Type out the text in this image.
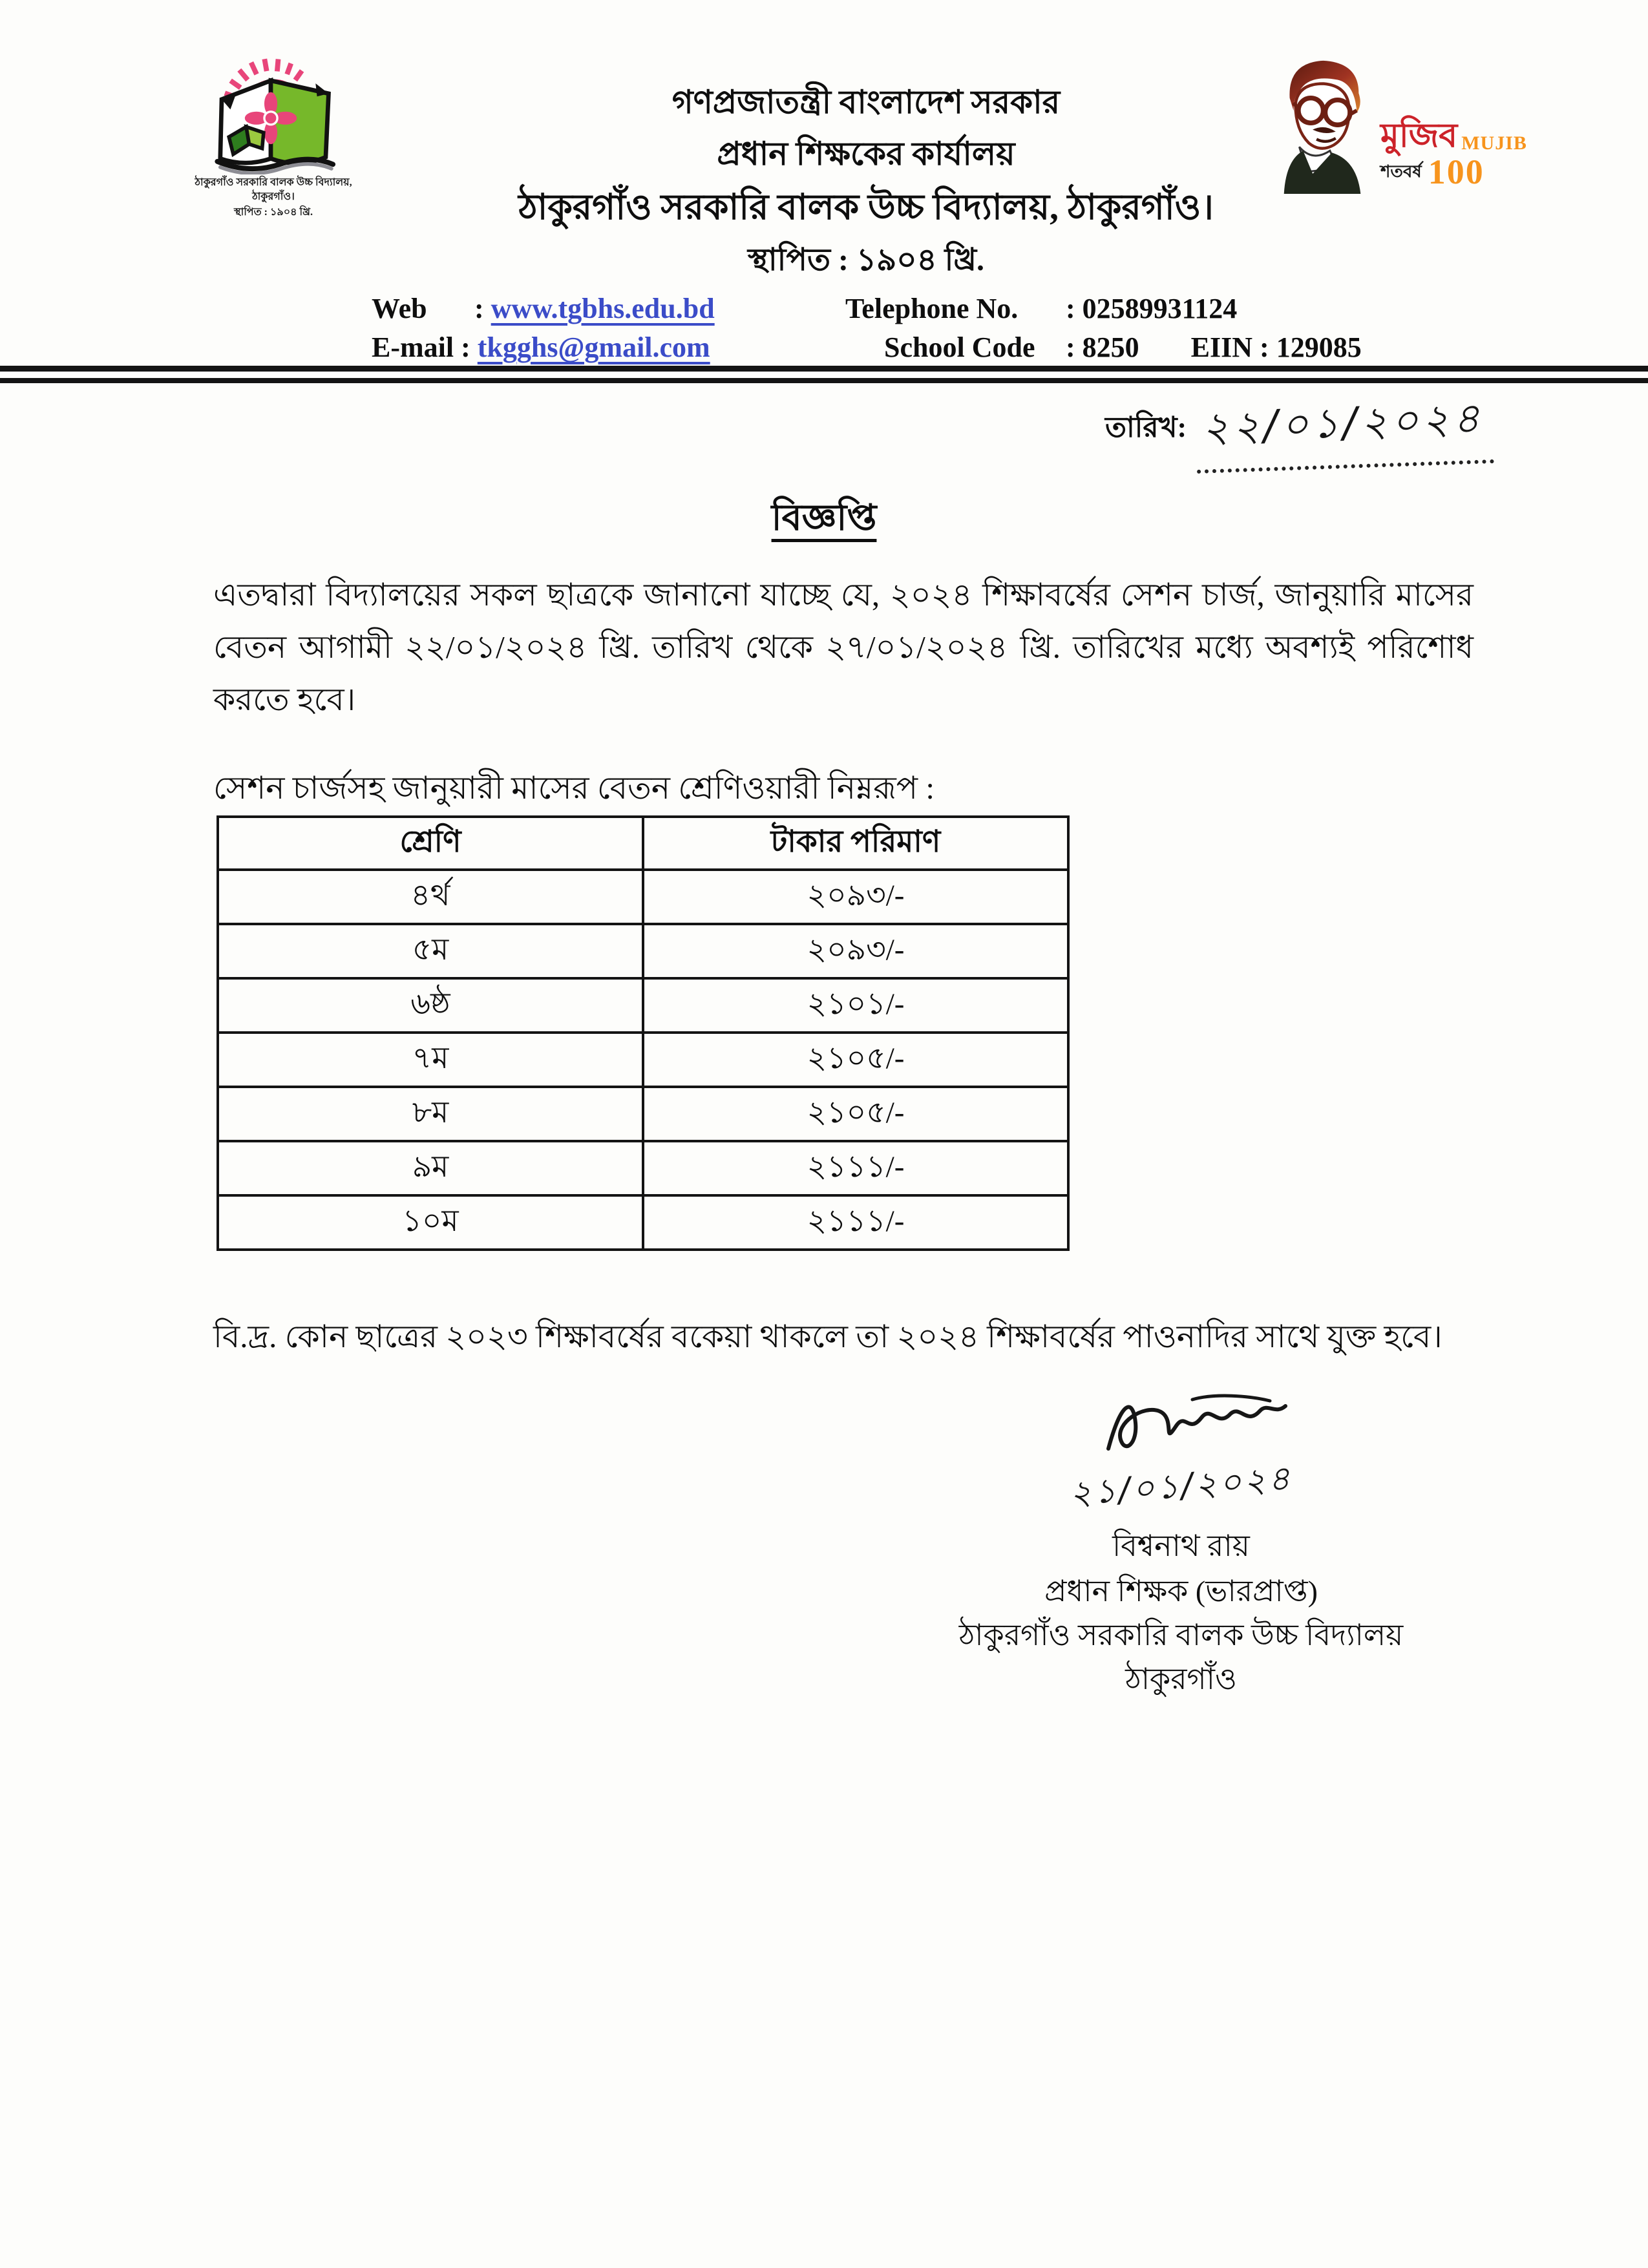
ঠাকুরগাঁও সরকারি বালক উচ্চ বিদ্যালয়, ঠাকুরগাঁও।
স্থাপিত : ১৯০৪ খ্রি.
গণপ্রজাতন্ত্রী বাংলাদেশ সরকার
প্রধান শিক্ষকের কার্যালয়
ঠাকুরগাঁও সরকারি বালক উচ্চ বিদ্যালয়, ঠাকুরগাঁও।
স্থাপিত : ১৯০৪ খ্রি.
মুজিব MUJIB
শতবর্ষ 100
Web : www.tgbhs.edu.bd
E-mail : tkgghs@gmail.com
Telephone No. : 02589931124
School Code : 8250 EIIN : 129085
তারিখ: ২২/০১/২০২৪
বিজ্ঞপ্তি

এতদ্বারা বিদ্যালয়ের সকল ছাত্রকে জানানো যাচ্ছে যে, ২০২৪ শিক্ষাবর্ষের সেশন চার্জ, জানুয়ারি মাসের বেতন আগামী ২২/০১/২০২৪ খ্রি. তারিখ থেকে ২৭/০১/২০২৪ খ্রি. তারিখের মধ্যে অবশ্যই পরিশোধ করতে হবে।

সেশন চার্জসহ জানুয়ারী মাসের বেতন শ্রেণিওয়ারী নিম্নরূপ :
শ্রেণি	টাকার পরিমাণ
৪র্থ	২০৯৩/-
৫ম	২০৯৩/-
৬ষ্ঠ	২১০১/-
৭ম	২১০৫/-
৮ম	২১০৫/-
৯ম	২১১১/-
১০ম	২১১১/-

বি.দ্র. কোন ছাত্রের ২০২৩ শিক্ষাবর্ষের বকেয়া থাকলে তা ২০২৪ শিক্ষাবর্ষের পাওনাদির সাথে যুক্ত হবে।

২১/০১/২০২৪
বিশ্বনাথ রায়
প্রধান শিক্ষক (ভারপ্রাপ্ত)
ঠাকুরগাঁও সরকারি বালক উচ্চ বিদ্যালয়
ঠাকুরগাঁও
